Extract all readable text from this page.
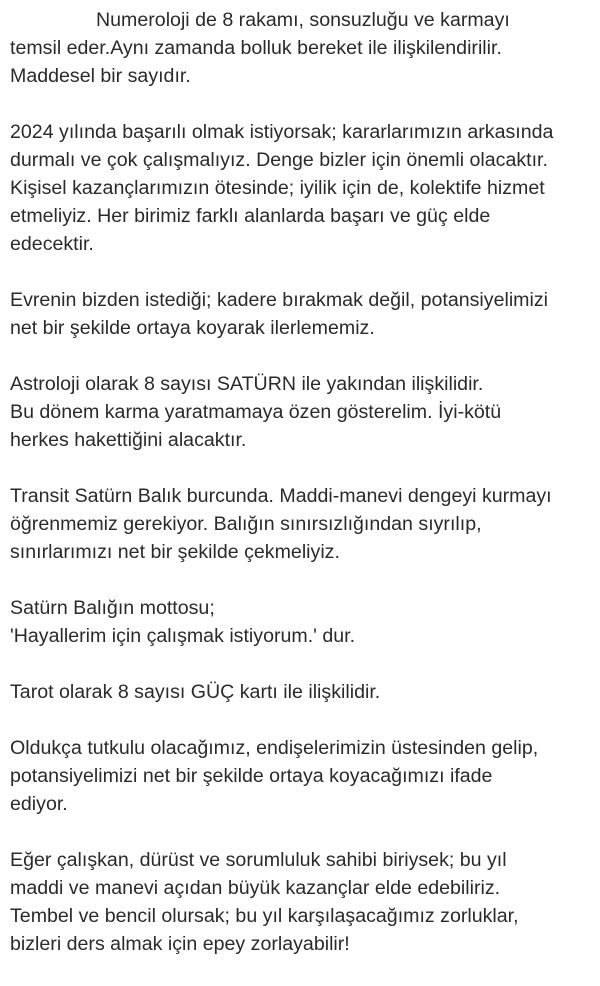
Numeroloji de 8 rakamı, sonsuzluğu ve karmayı
temsil eder.Aynı zamanda bolluk bereket ile ilişkilendirilir.
Maddesel bir sayıdır.

2024 yılında başarılı olmak istiyorsak; kararlarımızın arkasında
durmalı ve çok çalışmalıyız. Denge bizler için önemli olacaktır.
Kişisel kazançlarımızın ötesinde; iyilik için de, kolektife hizmet
etmeliyiz. Her birimiz farklı alanlarda başarı ve güç elde
edecektir.

Evrenin bizden istediği; kadere bırakmak değil, potansiyelimizi
net bir şekilde ortaya koyarak ilerlememiz.

Astroloji olarak 8 sayısı SATÜRN ile yakından ilişkilidir.
Bu dönem karma yaratmamaya özen gösterelim. İyi-kötü
herkes hakettiğini alacaktır.

Transit Satürn Balık burcunda. Maddi-manevi dengeyi kurmayı
öğrenmemiz gerekiyor. Balığın sınırsızlığından sıyrılıp,
sınırlarımızı net bir şekilde çekmeliyiz.

Satürn Balığın mottosu;
'Hayallerim için çalışmak istiyorum.' dur.

Tarot olarak 8 sayısı GÜÇ kartı ile ilişkilidir.

Oldukça tutkulu olacağımız, endişelerimizin üstesinden gelip,
potansiyelimizi net bir şekilde ortaya koyacağımızı ifade
ediyor.

Eğer çalışkan, dürüst ve sorumluluk sahibi biriysek; bu yıl
maddi ve manevi açıdan büyük kazançlar elde edebiliriz.
Tembel ve bencil olursak; bu yıl karşılaşacağımız zorluklar,
bizleri ders almak için epey zorlayabilir!
